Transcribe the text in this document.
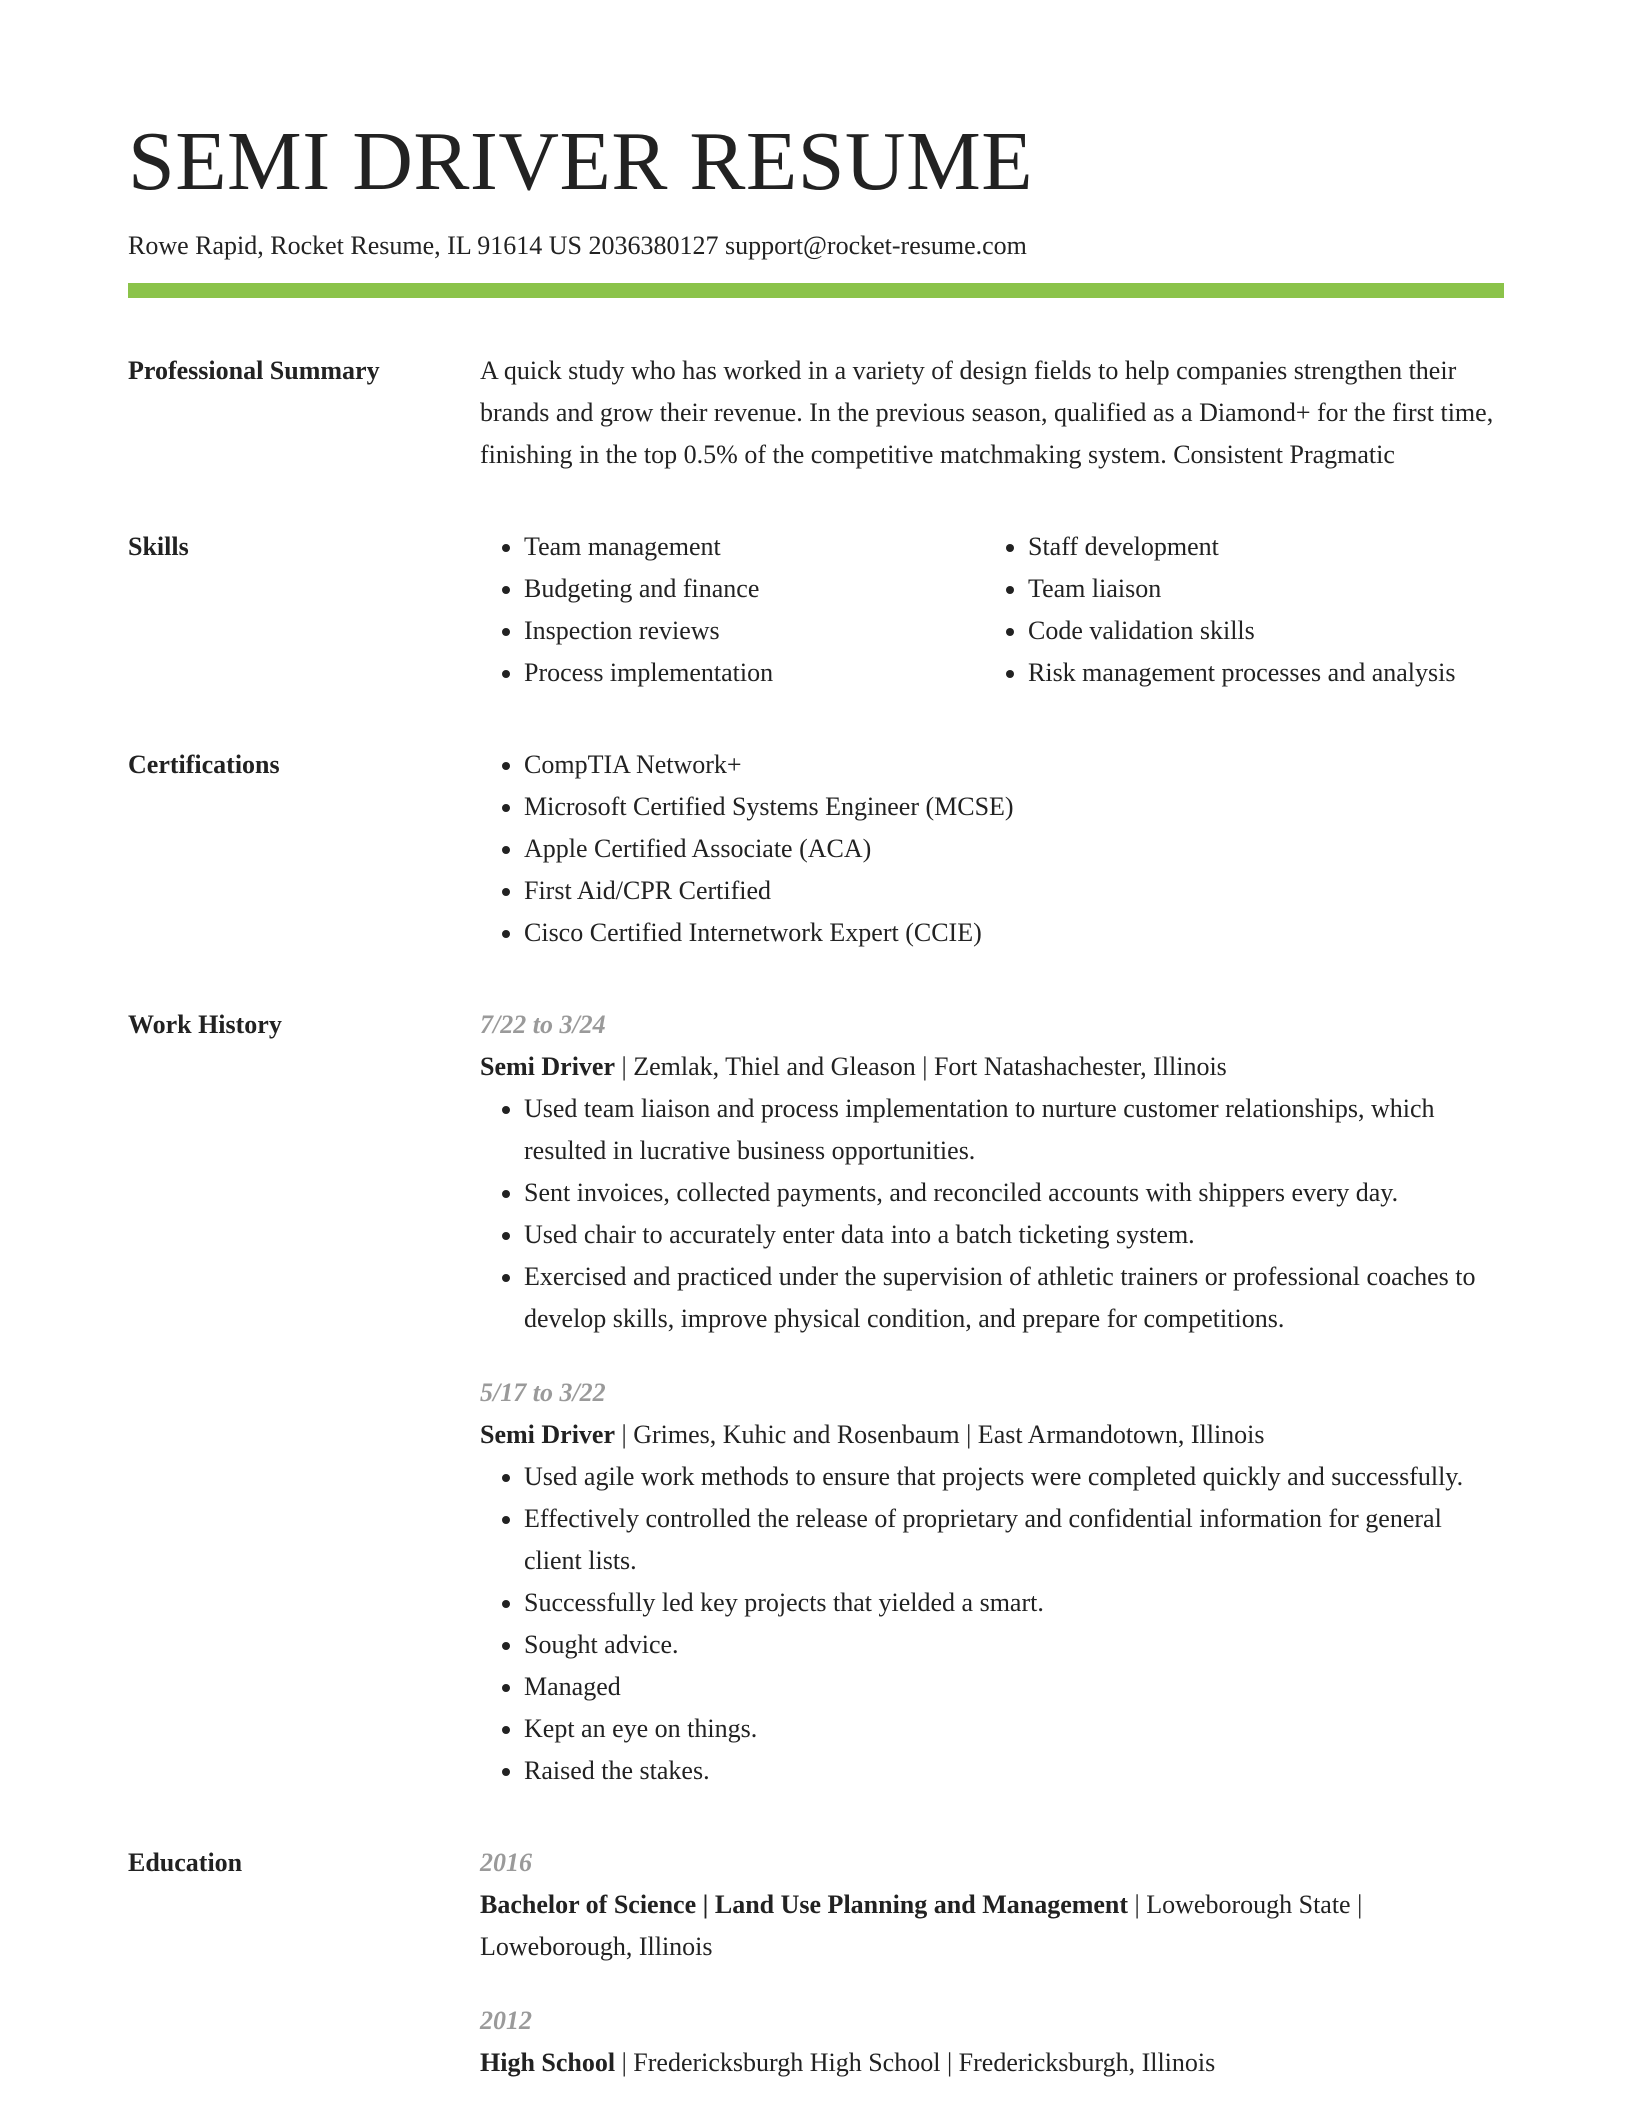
SEMI DRIVER RESUME
Rowe Rapid, Rocket Resume, IL 91614 US 2036380127 support@rocket-resume.com
Professional Summary	A quick study who has worked in a variety of design fields to help companies strengthen their brands and grow their revenue. In the previous season, qualified as a Diamond+ for the first time, finishing in the top 0.5% of the competitive matchmaking system. Consistent Pragmatic

Skills	• Team management
• Budgeting and finance
• Inspection reviews
• Process implementation
• Staff development
• Team liaison
• Code validation skills
• Risk management processes and analysis
Certifications	• CompTIA Network+
• Microsoft Certified Systems Engineer (MCSE)
• Apple Certified Associate (ACA)
• First Aid/CPR Certified
• Cisco Certified Internetwork Expert (CCIE)
Work History	7/22 to 3/24

Semi Driver | Zemlak, Thiel and Gleason | Fort Natashachester, Illinois

• Used team liaison and process implementation to nurture customer relationships, which resulted in lucrative business opportunities.
• Sent invoices, collected payments, and reconciled accounts with shippers every day.
• Used chair to accurately enter data into a batch ticketing system.
• Exercised and practiced under the supervision of athletic trainers or professional coaches to develop skills, improve physical condition, and prepare for competitions.
5/17 to 3/22

Semi Driver | Grimes, Kuhic and Rosenbaum | East Armandotown, Illinois

• Used agile work methods to ensure that projects were completed quickly and successfully.
• Effectively controlled the release of proprietary and confidential information for general client lists.
• Successfully led key projects that yielded a smart.
• Sought advice.
• Managed
• Kept an eye on things.
• Raised the stakes.
Education	2016

Bachelor of Science | Land Use Planning and Management | Loweborough State | Loweborough, Illinois

2012

High School | Fredericksburgh High School | Fredericksburgh, Illinois
